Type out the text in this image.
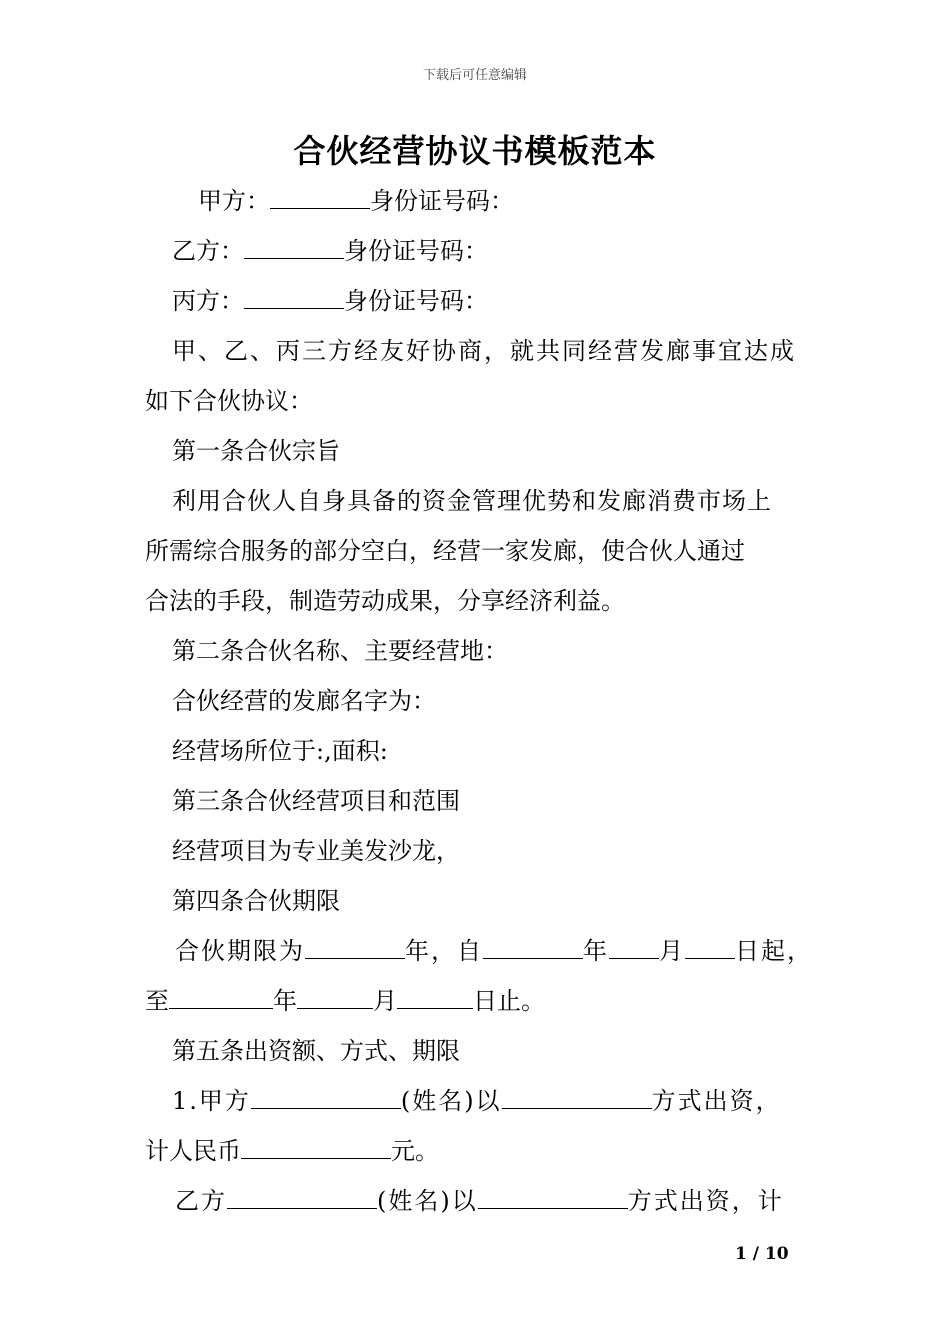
下载后可任意编辑
合伙经营协议书模板范本
甲方：	身份证号码：
乙方：	身份证号码：
丙方：	身份证号码：
甲、乙、丙三方经友好协商，就共同经营发廊事宜达成
如下合伙协议：
第一条合伙宗旨
利用合伙人自身具备的资金管理优势和发廊消费市场上
所需综合服务的部分空白，经营一家发廊，使合伙人通过
合法的手段，制造劳动成果，分享经济利益。
第二条合伙名称、主要经营地：
合伙经营的发廊名字为：
经营场所位于:,面积:
第三条合伙经营项目和范围
经营项目为专业美发沙龙，
第四条合伙期限
合伙期限为	年，自	年 月 日起，
至	年	月	日止。
第五条出资额、方式、期限
1.甲方	(姓名)以	方式出资，
计人民币	元。
乙方	(姓名)以	方式出资，计
1 / 10
